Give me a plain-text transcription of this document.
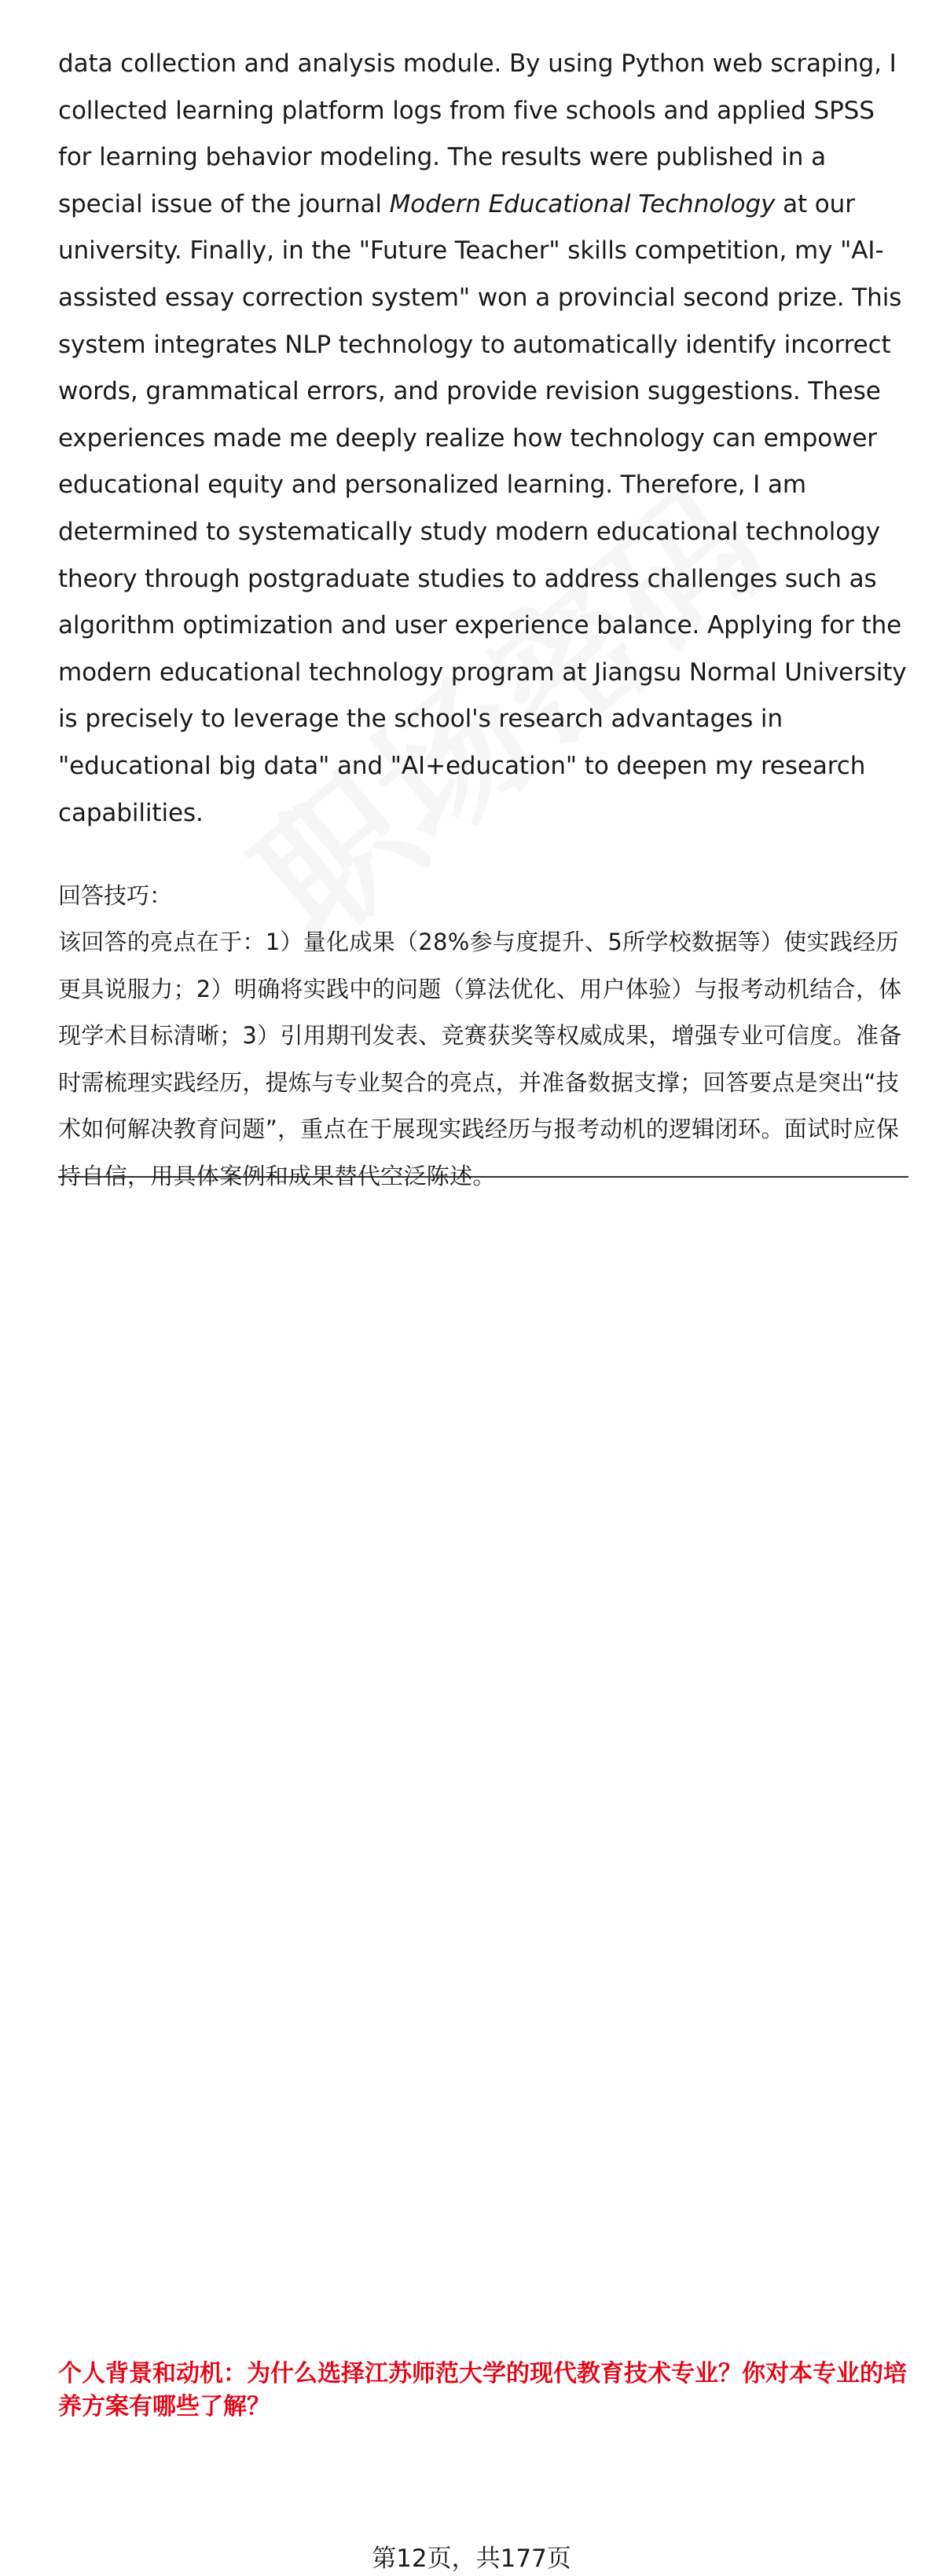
data collection and analysis module. By using Python web scraping, I collected learning platform logs from five schools and applied SPSS for learning behavior modeling. The results were published in a special issue of the journal Modern Educational Technology at our university. Finally, in the "Future Teacher" skills competition, my "AI-assisted essay correction system" won a provincial second prize. This system integrates NLP technology to automatically identify incorrect words, grammatical errors, and provide revision suggestions. These experiences made me deeply realize how technology can empower educational equity and personalized learning. Therefore, I am determined to systematically study modern educational technology theory through postgraduate studies to address challenges such as algorithm optimization and user experience balance. Applying for the modern educational technology program at Jiangsu Normal University is precisely to leverage the school's research advantages in "educational big data" and "AI+education" to deepen my research capabilities.

回答技巧：

该回答的亮点在于：1）量化成果（28%参与度提升、5所学校数据等）使实践经历更具说服力；2）明确将实践中的问题（算法优化、用户体验）与报考动机结合，体现学术目标清晰；3）引用期刊发表、竞赛获奖等权威成果，增强专业可信度。准备时需梳理实践经历，提炼与专业契合的亮点，并准备数据支撑；回答要点是突出“技术如何解决教育问题”，重点在于展现实践经历与报考动机的逻辑闭环。面试时应保持自信，用具体案例和成果替代空泛陈述。

个人背景和动机：为什么选择江苏师范大学的现代教育技术专业？你对本专业的培养方案有哪些了解？

第12页，共177页
